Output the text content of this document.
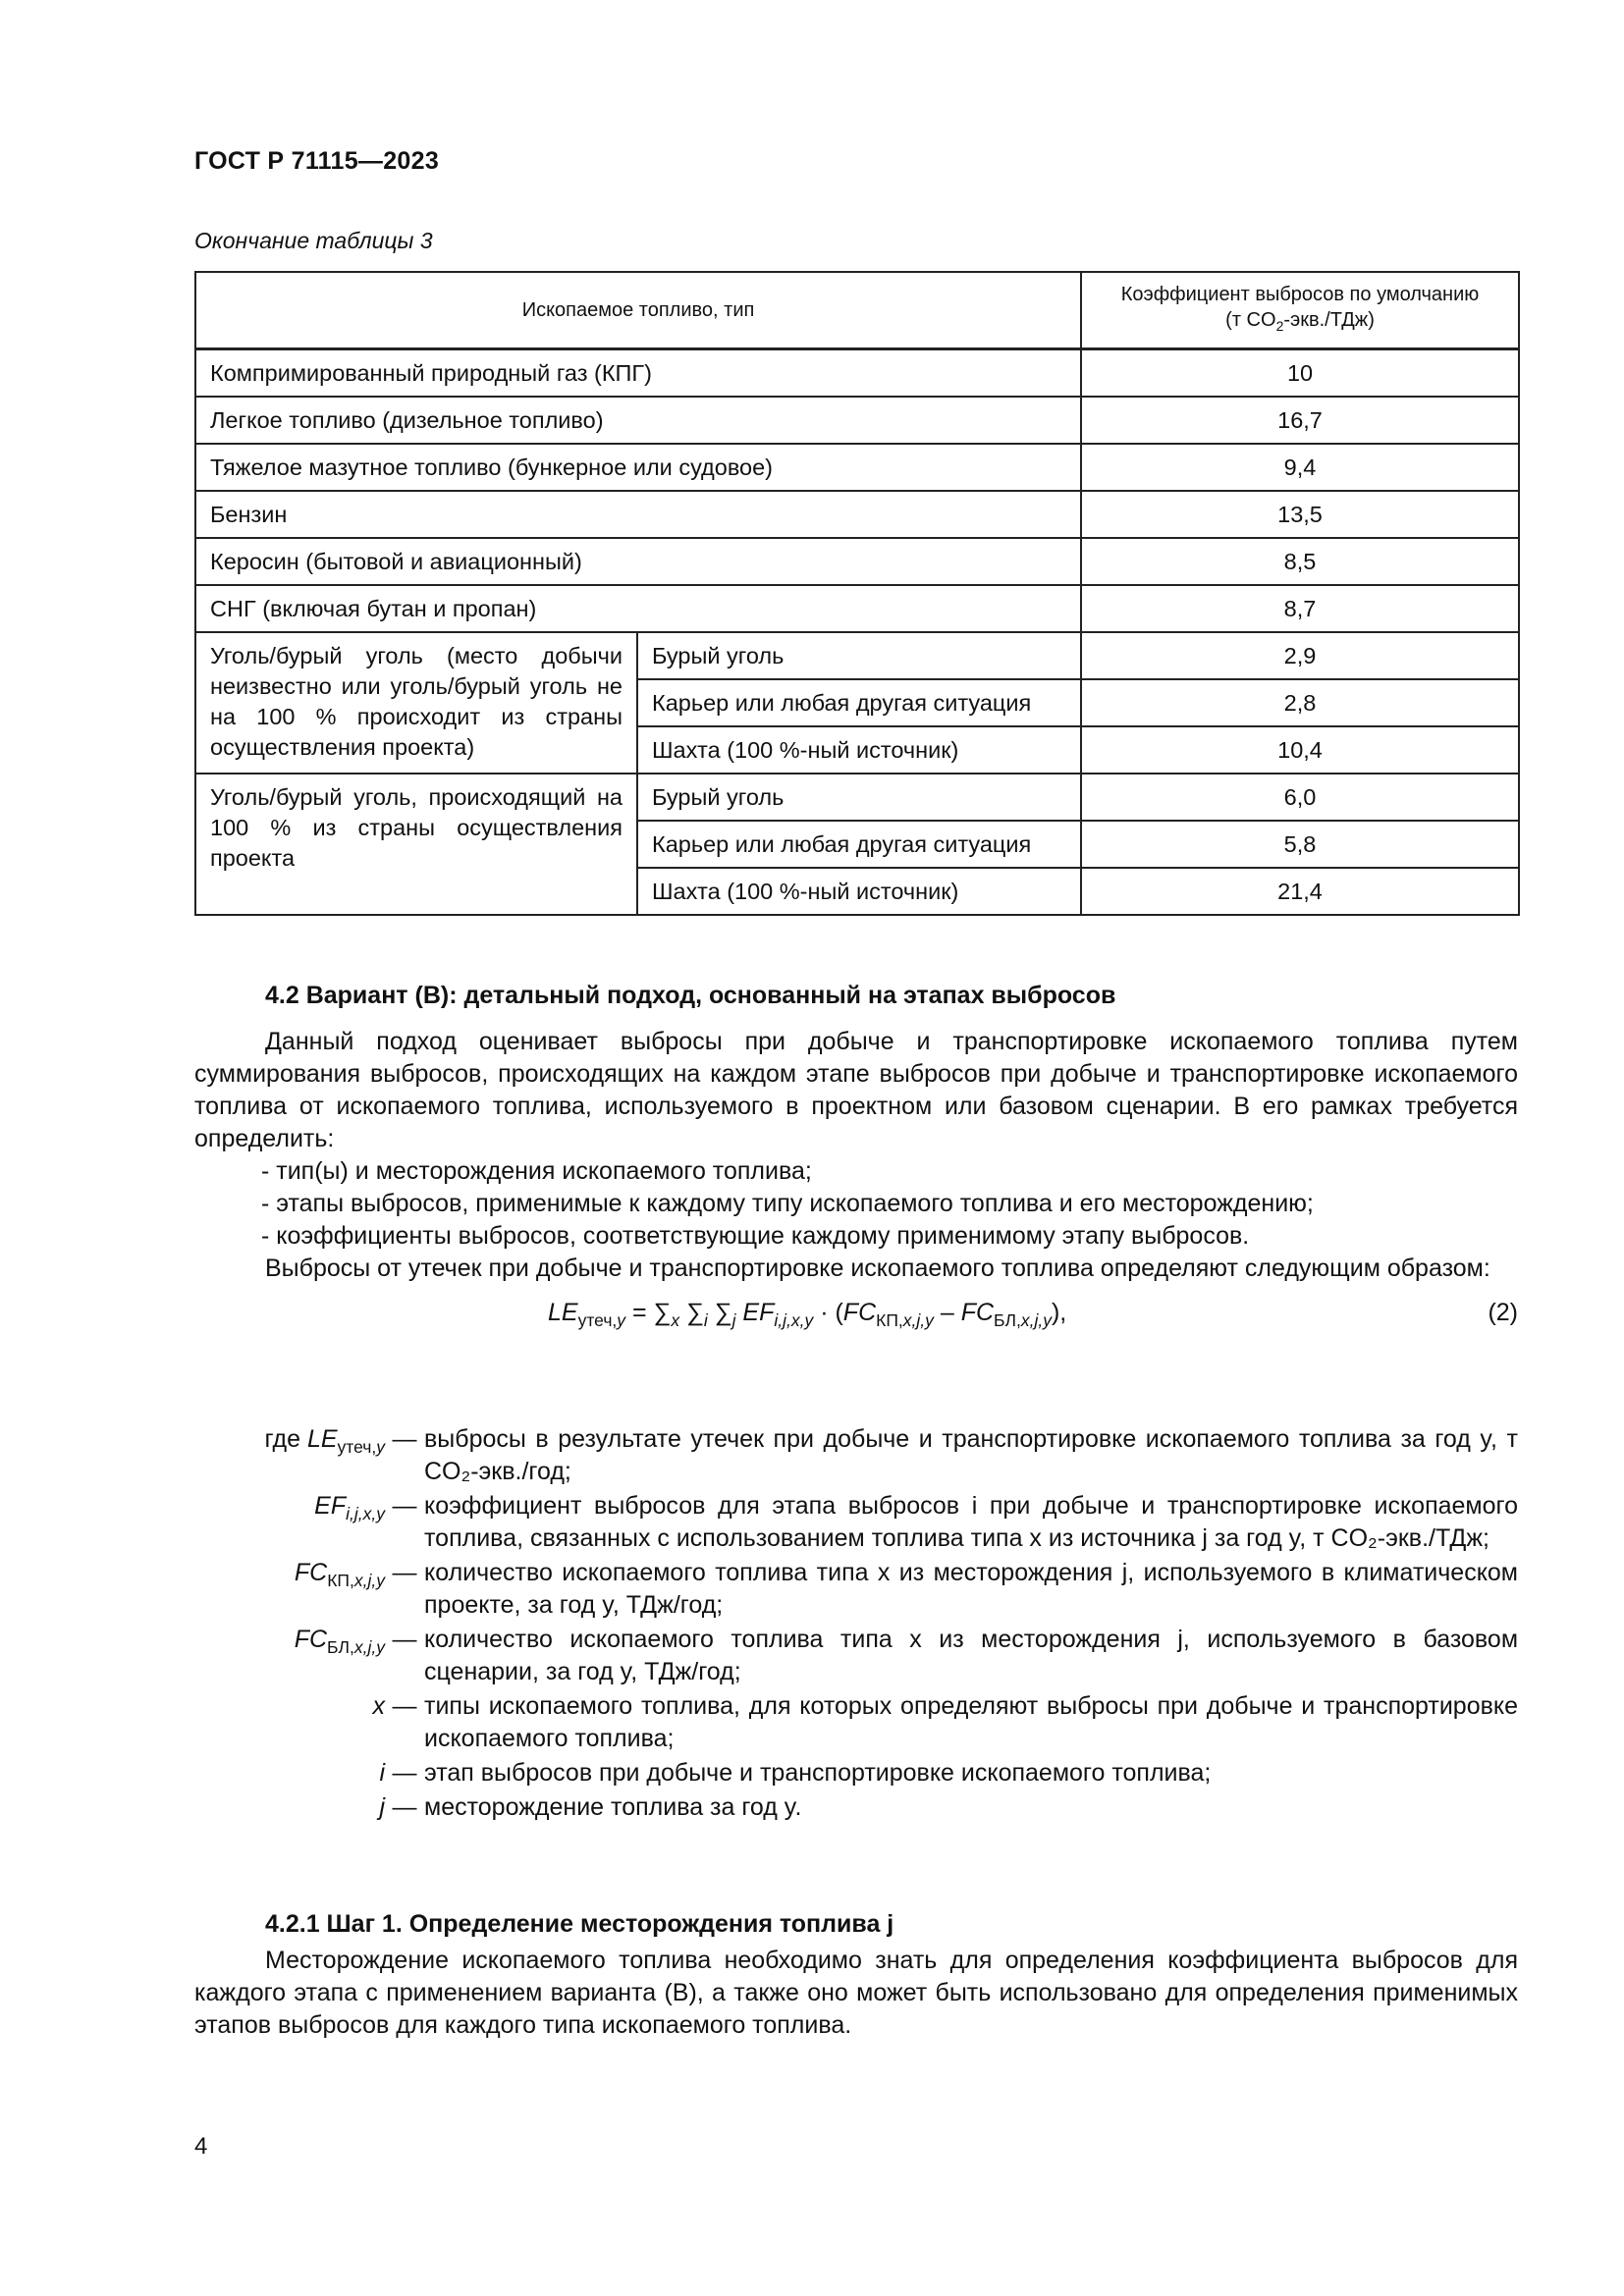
ГОСТ Р 71115—2023
Окончание таблицы 3
Ископаемое топливо, тип		Коэффициент выбросов по умолчанию
(т $CO_2-экв./ТДж$)
Компримированный природный газ (КПГ)		10
Легкое топливо (дизельное топливо)		16,7
Тяжелое мазутное топливо (бункерное или судовое)		9,4
Бензин		13,5
Керосин (бытовой и авиационный)		8,5
СНГ (включая бутан и пропан)		8,7
Уголь/бурый уголь (место добычи неизвестно или уголь/бурый уголь не на 100 % происходит из страны осуществления проекта)	Бурый уголь	2,9
	Карьер или любая другая ситуация	2,8
	Шахта (100 %-ный источник)	10,4
Уголь/бурый уголь, происходящий на 100 % из страны осуществления проекта	Бурый уголь	6,0
	Карьер или любая другая ситуация	5,8
	Шахта (100 %-ный источник)	21,4
4.2 Вариант (В): детальный подход, основанный на этапах выбросов
Данный подход оценивает выбросы при добыче и транспортировке ископаемого топлива путем суммирования выбросов, происходящих на каждом этапе выбросов при добыче и транспортировке ископаемого топлива от ископаемого топлива, используемого в проектном или базовом сценарии. В его рамках требуется определить:
- тип(ы) и месторождения ископаемого топлива;
- этапы выбросов, применимые к каждому типу ископаемого топлива и его месторождению;
- коэффициенты выбросов, соответствующие каждому применимому этапу выбросов.
Выбросы от утечек при добыче и транспортировке ископаемого топлива определяют следующим образом:
$LE_{утеч,y} = \sum_x$ $\sum_i$ $\sum_j$ $EF_{i,j,x,y} \cdot (FC_{КП,x,j,y} - FC_{БЛ,x,j,y})$,	(2)
где $LE_{утеч,y}$ — выбросы в результате утечек при добыче и транспортировке ископаемого топлива за год y, т CO₂-экв./год;
$EF_{i,j,x,y}$ — коэффициент выбросов для этапа выбросов i при добыче и транспортировке ископаемого топлива, связанных с использованием топлива типа x из источника j за год y, т CO₂-экв./ТДж;
$FC_{КП,x,j,y}$ — количество ископаемого топлива типа x из месторождения j, используемого в климатическом проекте, за год y, ТДж/год;
$FC_{БЛ,x,j,y}$ — количество ископаемого топлива типа x из месторождения j, используемого в базовом сценарии, за год y, ТДж/год;
x — типы ископаемого топлива, для которых определяют выбросы при добыче и транспортировке ископаемого топлива;
i — этап выбросов при добыче и транспортировке ископаемого топлива;
j — месторождение топлива за год y.
4.2.1 Шаг 1. Определение месторождения топлива j
Месторождение ископаемого топлива необходимо знать для определения коэффициента выбросов для каждого этапа с применением варианта (В), а также оно может быть использовано для определения применимых этапов выбросов для каждого типа ископаемого топлива.
4
